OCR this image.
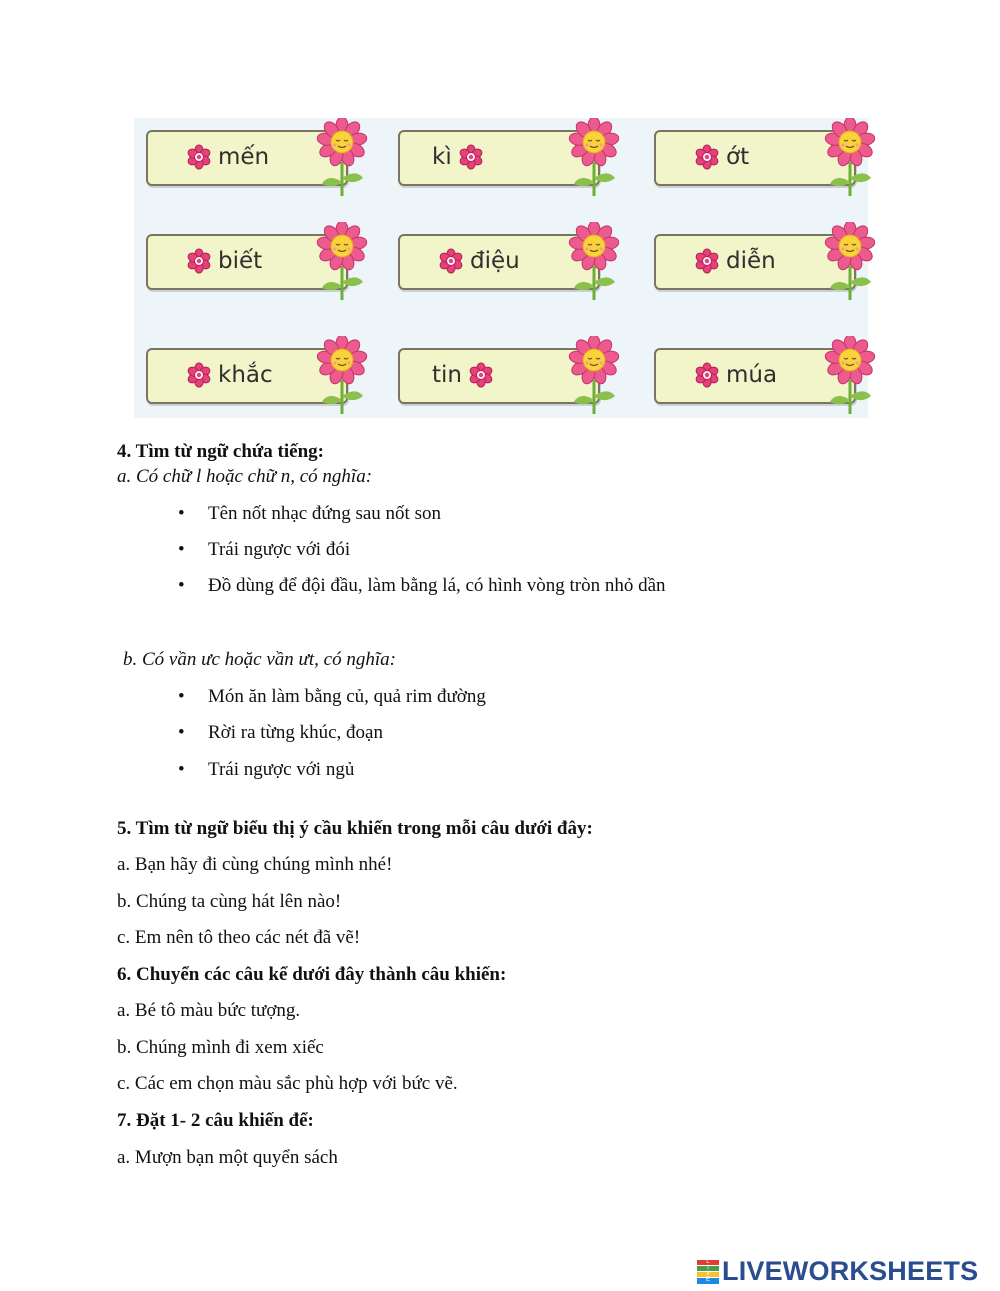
mến	kì	ớt
biết	điệu	diễn
khắc	tin	múa
4. Tìm từ ngữ chứa tiếng:
a. Có chữ l hoặc chữ n, có nghĩa:
• Tên nốt nhạc đứng sau nốt son
• Trái ngược với đói
• Đồ dùng để đội đầu, làm bằng lá, có hình vòng tròn nhỏ dần
b. Có vần ưc hoặc vần ưt, có nghĩa:
• Món ăn làm bằng củ, quả rim đường
• Rời ra từng khúc, đoạn
• Trái ngược với ngủ
5. Tìm từ ngữ biểu thị ý cầu khiến trong mỗi câu dưới đây:
a. Bạn hãy đi cùng chúng mình nhé!
b. Chúng ta cùng hát lên nào!
c. Em nên tô theo các nét đã vẽ!
6. Chuyển các câu kể dưới đây thành câu khiến:
a. Bé tô màu bức tượng.
b. Chúng mình đi xem xiếc
c. Các em chọn màu sắc phù hợp với bức vẽ.
7. Đặt 1- 2 câu khiến để:
a. Mượn bạn một quyển sách
L
I
V
E LIVEWORKSHEETS
